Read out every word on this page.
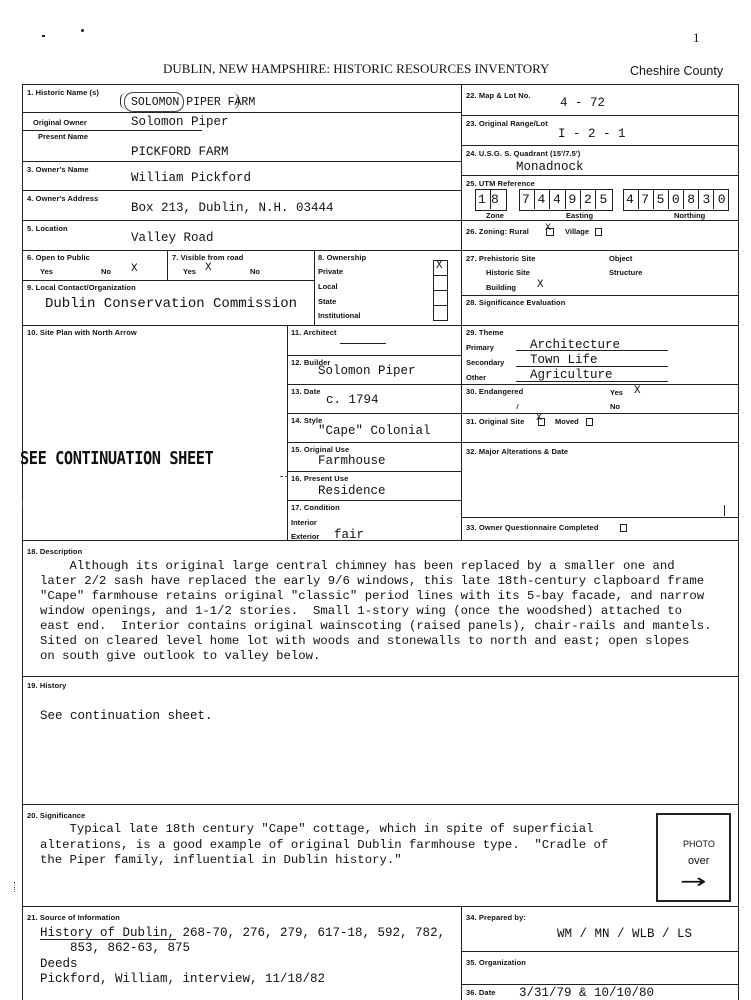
1
DUBLIN, NEW HAMPSHIRE: HISTORIC RESOURCES INVENTORY	Cheshire County
1. Historic Name (s)
SOLOMON PIPER FARM
Original Owner	Solomon Piper
Present Name
PICKFORD FARM
3. Owner's Name
William Pickford
4. Owner's Address
Box 213, Dublin, N.H. 03444
5. Location
Valley Road
6. Open to Public
Yes	No X
7. Visible from road
Yes X	No
8. Ownership
Private
Local
State
Institutional
X
9. Local Contact/Organization
Dublin Conservation Commission
10. Site Plan with North Arrow
SEE CONTINUATION SHEET
11. Architect
12. Builder
Solomon Piper
13. Date
c. 1794
14. Style
"Cape" Colonial
15. Original Use
Farmhouse
16. Present Use
Residence
17. Condition
Interior
Exterior fair
22. Map & Lot No.
4 - 72
23. Original Range/Lot
I - 2 - 1
24. U.S.G. S. Quadrant (15'/7.5')
Monadnock
25. UTM Reference
18 744925 4750830
Zone	Easting	Northing
26. Zoning: Rural X Village
27. Prehistoric Site	Object
Historic Site	Structure
Building X
28. Significance Evaluation
29. Theme
Primary	Architecture
Secondary Town Life
Other	Agriculture
30. Endangered	Yes X
No
31. Original Site X Moved
32. Major Alterations & Date
33. Owner Questionnaire Completed
18. Description
Although its original large central chimney has been replaced by a smaller one and
later 2/2 sash have replaced the early 9/6 windows, this late 18th-century clapboard frame
"Cape" farmhouse retains original "classic" period lines with its 5-bay facade, and narrow
window openings, and 1-1/2 stories.  Small 1-story wing (once the woodshed) attached to
east end.  Interior contains original wainscoting (raised panels), chair-rails and mantels.
Sited on cleared level home lot with woods and stonewalls to north and east; open slopes
on south give outlook to valley below.
19. History
See continuation sheet.
20. Significance
Typical late 18th century "Cape" cottage, which in spite of superficial
alterations, is a good example of original Dublin farmhouse type.  "Cradle of
the Piper family, influential in Dublin history."
PHOTO
over
→
21. Source of Information
History of Dublin, 268-70, 276, 279, 617-18, 592, 782,
853, 862-63, 875
Deeds
Pickford, William, interview, 11/18/82
34. Prepared by:
WM / MN / WLB / LS
35. Organization
36. Date 3/31/79 & 10/10/80
